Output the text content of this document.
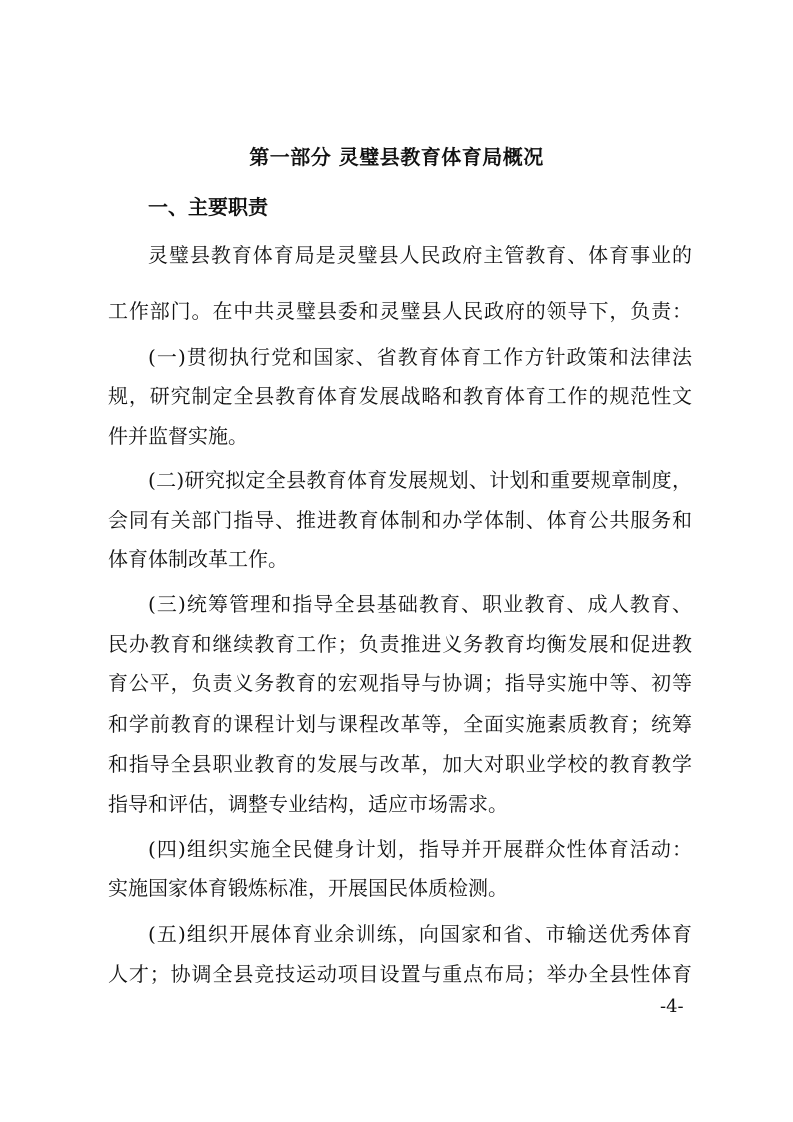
第一部分 灵璧县教育体育局概况
一、主要职责
灵璧县教育体育局是灵璧县人民政府主管教育、体育事业的
工作部门。在中共灵璧县委和灵璧县人民政府的领导下，负责：
(一)贯彻执行党和国家、省教育体育工作方针政策和法律法
规，研究制定全县教育体育发展战略和教育体育工作的规范性文
件并监督实施。
(二)研究拟定全县教育体育发展规划、计划和重要规章制度，
会同有关部门指导、推进教育体制和办学体制、体育公共服务和
体育体制改革工作。
(三)统筹管理和指导全县基础教育、职业教育、成人教育、
民办教育和继续教育工作；负责推进义务教育均衡发展和促进教
育公平，负责义务教育的宏观指导与协调；指导实施中等、初等
和学前教育的课程计划与课程改革等，全面实施素质教育；统筹
和指导全县职业教育的发展与改革，加大对职业学校的教育教学
指导和评估，调整专业结构，适应市场需求。
(四)组织实施全民健身计划，指导并开展群众性体育活动：
实施国家体育锻炼标准，开展国民体质检测。
(五)组织开展体育业余训练，向国家和省、市输送优秀体育
人才；协调全县竞技运动项目设置与重点布局；举办全县性体育
-4-
